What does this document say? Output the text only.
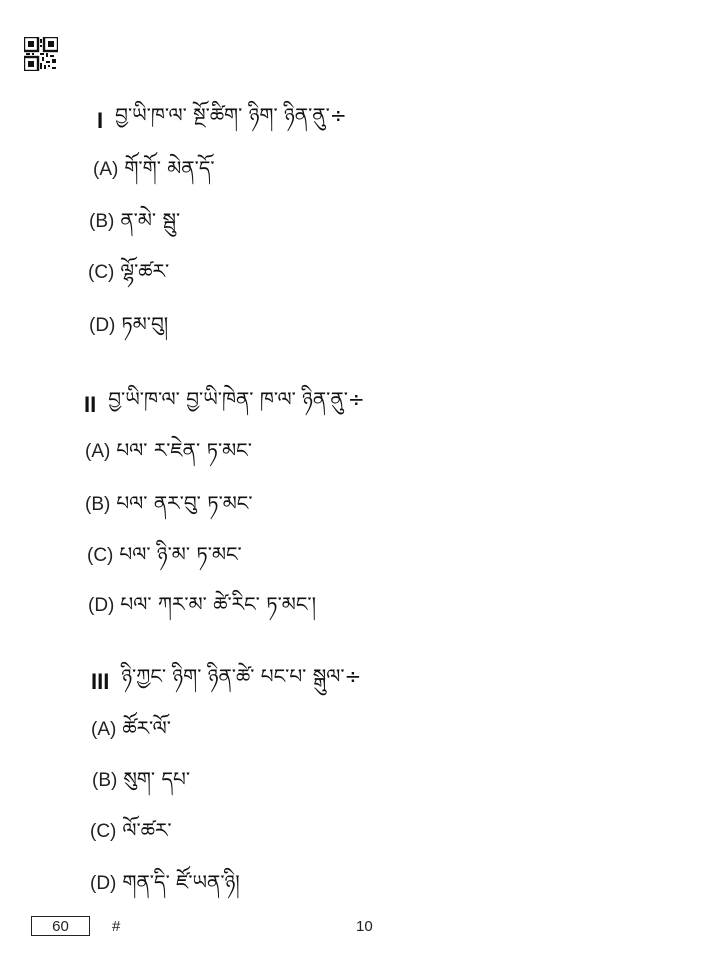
I བྱ་ཡི་ཁ་ལ་ སྔོ་ཚིག་ ཉིག་ ཉིན་ནུ་÷
(A) གོ་གོ་ མེན་དོ་
(B) ན་མེ་ སྦུ་
(C) ལྷོ་ཚར་
(D) ཏམ་བུ།
II བྱ་ཡི་ཁ་ལ་ བྱ་ཡི་ཁེན་ ཁ་ལ་ ཉིན་ནུ་÷
(A) པལ་ ར་ཇེན་ ཏ་མང་
(B) པལ་ ནར་བུ་ ཏ་མང་
(C) པལ་ ཉི་མ་ ཏ་མང་
(D) པལ་ ཀར་མ་ ཚེ་རིང་ ཏ་མང་།
III ཉི་ཀྱང་ ཉིག་ ཉིན་ཚེ་ པང་པ་ སྒུལ་÷
(A) ཚོར་ལོ་
(B) སུག་ དཔ་
(C) ལོ་ཚར་
(D) གན་དི་ ཛོ་ཡན་ཉི།
60	#	10
